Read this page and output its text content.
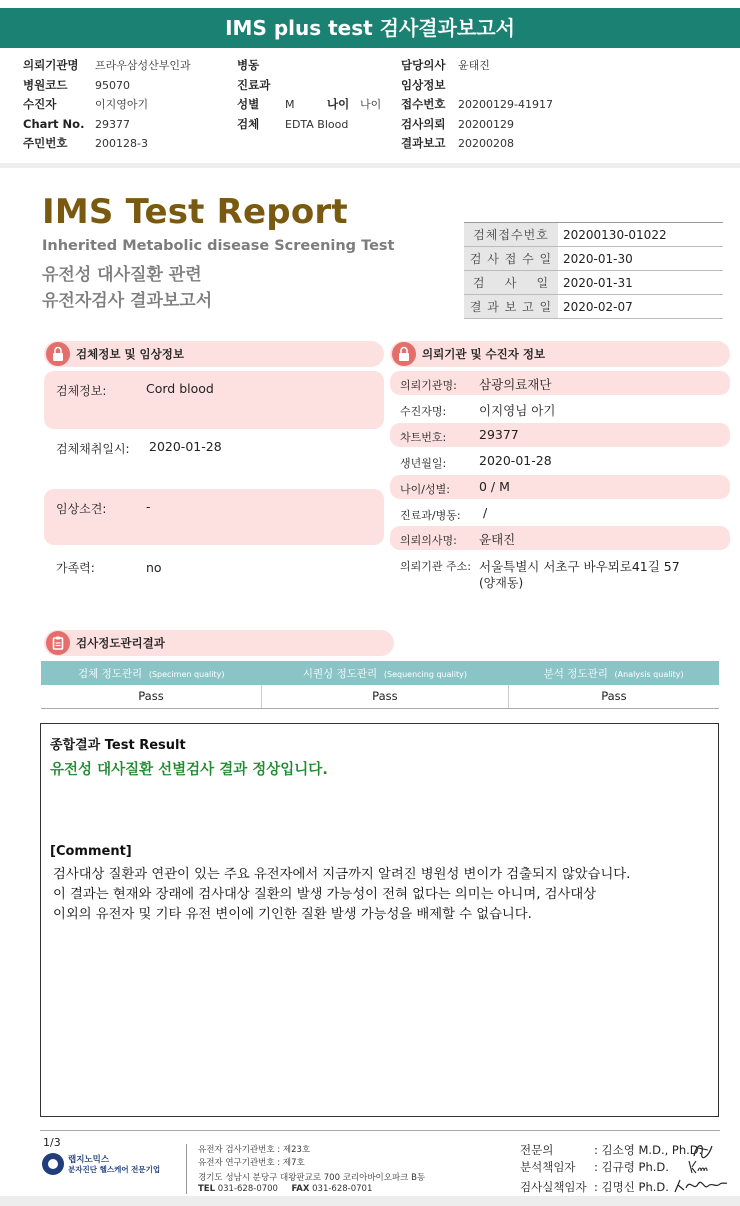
IMS plus test 검사결과보고서
의뢰기관명 프라우삼성산부인과
병원코드	95070
수진자	이지영아기
Chart No. 29377
주민번호	200128-3
병동
진료과
성별 M	나이 나이
검체 EDTA Blood
담당의사 윤태진
임상정보
접수번호 20200129-41917
검사의뢰 20200129
결과보고 20200208
IMS Test Report
Inherited Metabolic disease Screening Test
유전성 대사질환 관련
유전자검사 결과보고서
검체접수번호	20200130-01022
검 사 접 수 일 2020-01-30
검    사    일	2020-01-31
결 과 보 고 일 2020-02-07
검체정보 및 임상정보
검체정보:	Cord blood
검체채취일시: 2020-01-28
임상소견:	-
가족력:	no
의뢰기관 및 수진자 정보
의뢰기관명: 삼광의료재단
수진자명:	이지영님 아기
차트번호:	29377
생년월일:	2020-01-28
나이/성별: 0 / M
진료과/병동: /
의뢰의사명: 윤태진
의뢰기관 주소: 서울특별시 서초구 바우뫼로41길 57
(양재동)
검사정도관리결과
검체 정도관리 (Specimen quality)	시퀀싱 정도관리 (Sequencing quality)	분석 정도관리 (Analysis quality)
Pass	Pass	Pass
종합결과 Test Result
유전성 대사질환 선별검사 결과 정상입니다.
[Comment]
검사대상 질환과 연관이 있는 주요 유전자에서 지금까지 알려진 병원성 변이가 검출되지 않았습니다.
이 결과는 현재와 장래에 검사대상 질환의 발생 가능성이 전혀 없다는 의미는 아니며, 검사대상
이외의 유전자 및 기타 유전 변이에 기인한 질환 발생 가능성을 배제할 수 없습니다.
1/3
랩지노믹스
분자진단 헬스케어 전문기업
유전자 검사기관번호 : 제23호
유전자 연구기관번호 : 제7호
경기도 성남시 분당구 대왕판교로 700 코리아바이오파크 B동
TEL 031-628-0700 FAX 031-628-0701
전문의	: 김소영 M.D., Ph.D.
분석책임자 : 김규령 Ph.D.
검사실책임자 : 김명신 Ph.D.
